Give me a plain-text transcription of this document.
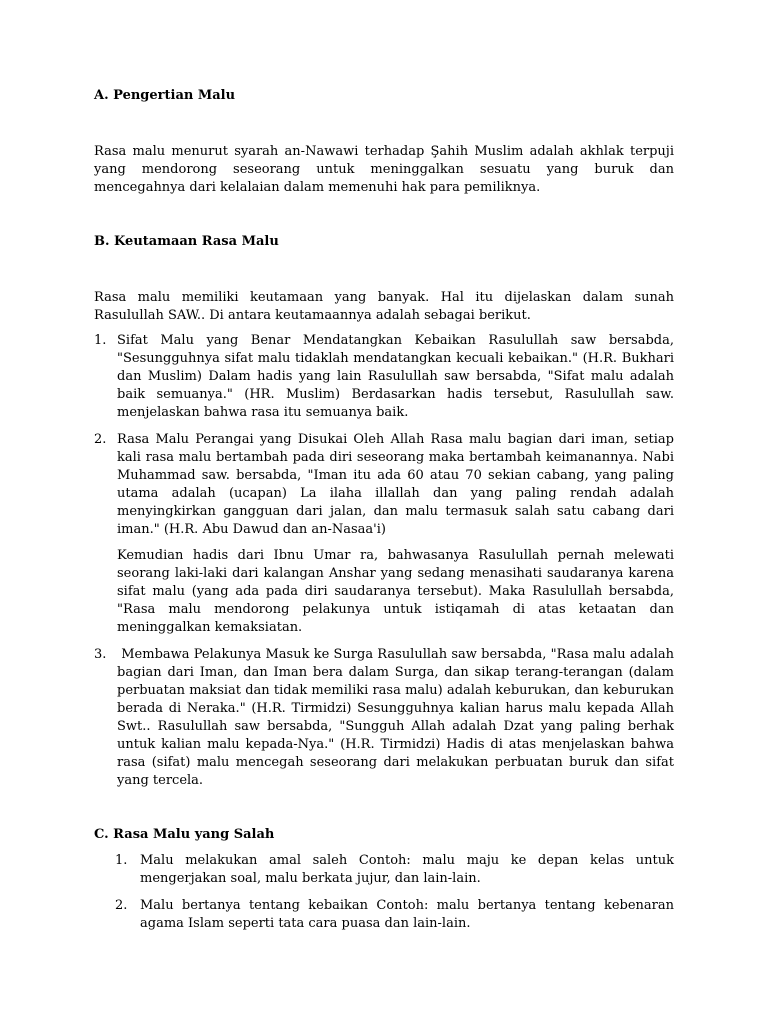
A. Pengertian Malu

Rasa malu menurut syarah an-Nawawi terhadap Şahih Muslim adalah akhlak terpuji yang mendorong seseorang untuk meninggalkan sesuatu yang buruk dan mencegahnya dari kelalaian dalam memenuhi hak para pemiliknya.

B. Keutamaan Rasa Malu

Rasa malu memiliki keutamaan yang banyak. Hal itu dijelaskan dalam sunah Rasulullah SAW.. Di antara keutamaannya adalah sebagai berikut.

1. Sifat Malu yang Benar Mendatangkan Kebaikan Rasulullah saw bersabda, "Sesungguhnya sifat malu tidaklah mendatangkan kecuali kebaikan." (H.R. Bukhari dan Muslim) Dalam hadis yang lain Rasulullah saw bersabda, "Sifat malu adalah baik semuanya." (HR. Muslim) Berdasarkan hadis tersebut, Rasulullah saw. menjelaskan bahwa rasa itu semuanya baik.
2. Rasa Malu Perangai yang Disukai Oleh Allah Rasa malu bagian dari iman, setiap kali rasa malu bertambah pada diri seseorang maka bertambah keimanannya. Nabi Muhammad saw. bersabda, "Iman itu ada 60 atau 70 sekian cabang, yang paling utama adalah (ucapan) La ilaha illallah dan yang paling rendah adalah menyingkirkan gangguan dari jalan, dan malu termasuk salah satu cabang dari iman." (H.R. Abu Dawud dan an-Nasaa'i)
Kemudian hadis dari Ibnu Umar ra, bahwasanya Rasulullah pernah melewati seorang laki-laki dari kalangan Anshar yang sedang menasihati saudaranya karena sifat malu (yang ada pada diri saudaranya tersebut). Maka Rasulullah bersabda, "Rasa malu mendorong pelakunya untuk istiqamah di atas ketaatan dan meninggalkan kemaksiatan.
3. Membawa Pelakunya Masuk ke Surga Rasulullah saw bersabda, "Rasa malu adalah bagian dari Iman, dan Iman bera dalam Surga, dan sikap terang-terangan (dalam perbuatan maksiat dan tidak memiliki rasa malu) adalah keburukan, dan keburukan berada di Neraka." (H.R. Tirmidzi) Sesungguhnya kalian harus malu kepada Allah Swt.. Rasulullah saw bersabda, "Sungguh Allah adalah Dzat yang paling berhak untuk kalian malu kepada-Nya." (H.R. Tirmidzi) Hadis di atas menjelaskan bahwa rasa (sifat) malu mencegah seseorang dari melakukan perbuatan buruk dan sifat yang tercela.

C. Rasa Malu yang Salah

1. Malu melakukan amal saleh Contoh: malu maju ke depan kelas untuk mengerjakan soal, malu berkata jujur, dan lain-lain.
2. Malu bertanya tentang kebaikan Contoh: malu bertanya tentang kebenaran agama Islam seperti tata cara puasa dan lain-lain.
